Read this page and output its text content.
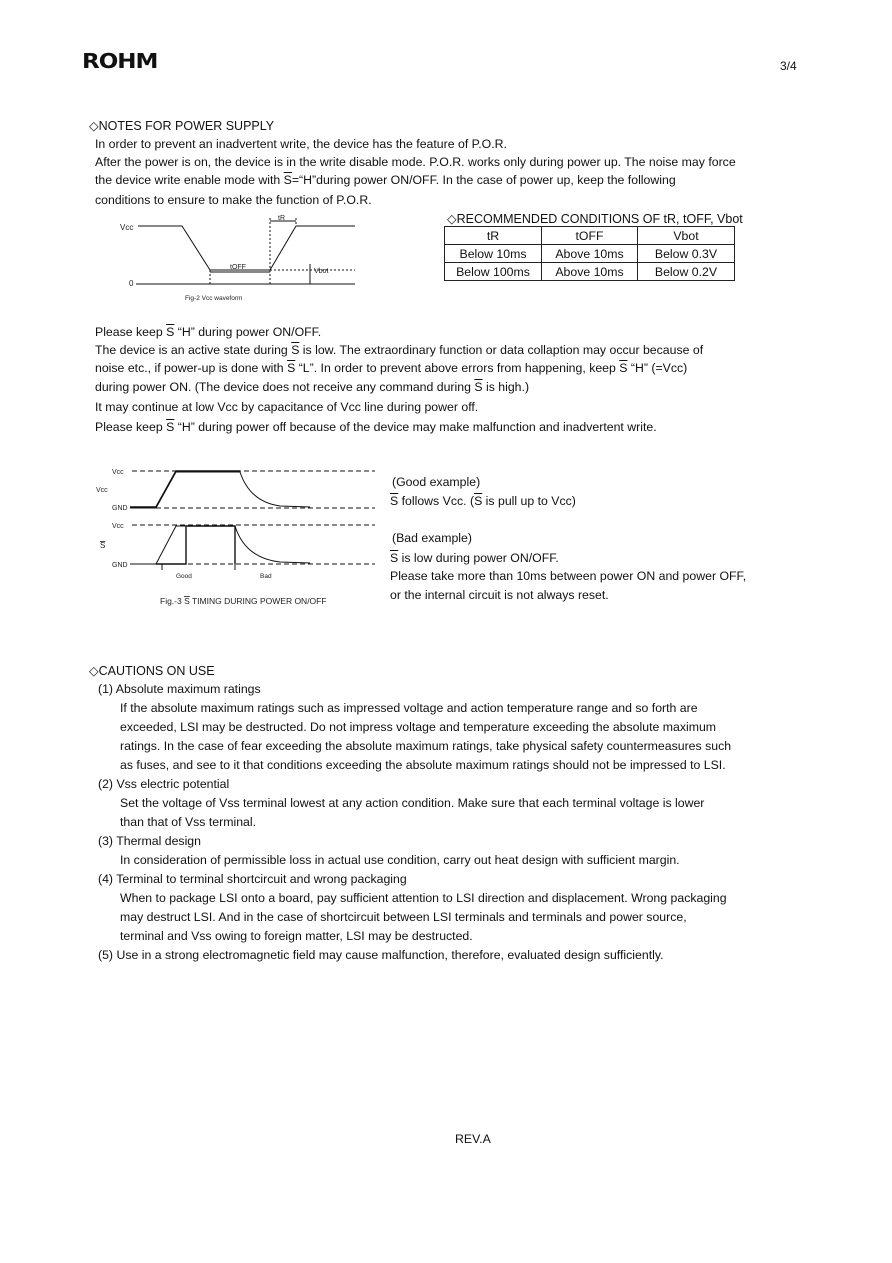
ROHM	3/4
◇NOTES FOR POWER SUPPLY
In order to prevent an inadvertent write, the device has the feature of P.O.R.
After the power is on, the device is in the write disable mode. P.O.R. works only during power up. The noise may force
the device write enable mode with $\overline{S}=“H”during$ power ON/OFF. In the case of power up, keep the following
conditions to ensure to make the function of P.O.R.
◇RECOMMENDED CONDITIONS OF tR, tOFF, Vbot
tR	tOFF	Vbot
Below 10ms	Above 10ms	Below 0.3V
Below 100ms	Above 10ms	Below 0.2V
Vcc
0
tR
tOFF
Vbot
Fig-2 Vcc waveform
Please keep $\overline{S}$ “H” during power ON/OFF.
The device is an active state during $\overline{S}$ is low. The extraordinary function or data collaption may occur because of
noise etc., if power-up is done with $\overline{S}$ “L”. In order to prevent above errors from happening, keep $\overline{S}$ “H” (=Vcc)
during power ON. (The device does not receive any command during $\overline{S}$ is high.)
It may continue at low Vcc by capacitance of Vcc line during power off.
Please keep $\overline{S}$ “H” during power off because of the device may make malfunction and inadvertent write.
Vcc
Vcc
GND
Vcc
S
GND
Good	Bad
Fig.-3 S TIMING DURING POWER ON/OFF
(Good example)
$\overline{S}$ follows Vcc. ($\overline{S}$ is pull up to Vcc)
(Bad example)
$\overline{S}$ is low during power ON/OFF.
Please take more than 10ms between power ON and power OFF,
or the internal circuit is not always reset.
◇CAUTIONS ON USE
(1) Absolute maximum ratings
If the absolute maximum ratings such as impressed voltage and action temperature range and so forth are
exceeded, LSI may be destructed. Do not impress voltage and temperature exceeding the absolute maximum
ratings. In the case of fear exceeding the absolute maximum ratings, take physical safety countermeasures such
as fuses, and see to it that conditions exceeding the absolute maximum ratings should not be impressed to LSI.
(2) Vss electric potential
Set the voltage of Vss terminal lowest at any action condition. Make sure that each terminal voltage is lower
than that of Vss terminal.
(3) Thermal design
In consideration of permissible loss in actual use condition, carry out heat design with sufficient margin.
(4) Terminal to terminal shortcircuit and wrong packaging
When to package LSI onto a board, pay sufficient attention to LSI direction and displacement. Wrong packaging
may destruct LSI. And in the case of shortcircuit between LSI terminals and terminals and power source,
terminal and Vss owing to foreign matter, LSI may be destructed.
(5) Use in a strong electromagnetic field may cause malfunction, therefore, evaluated design sufficiently.
REV.A
